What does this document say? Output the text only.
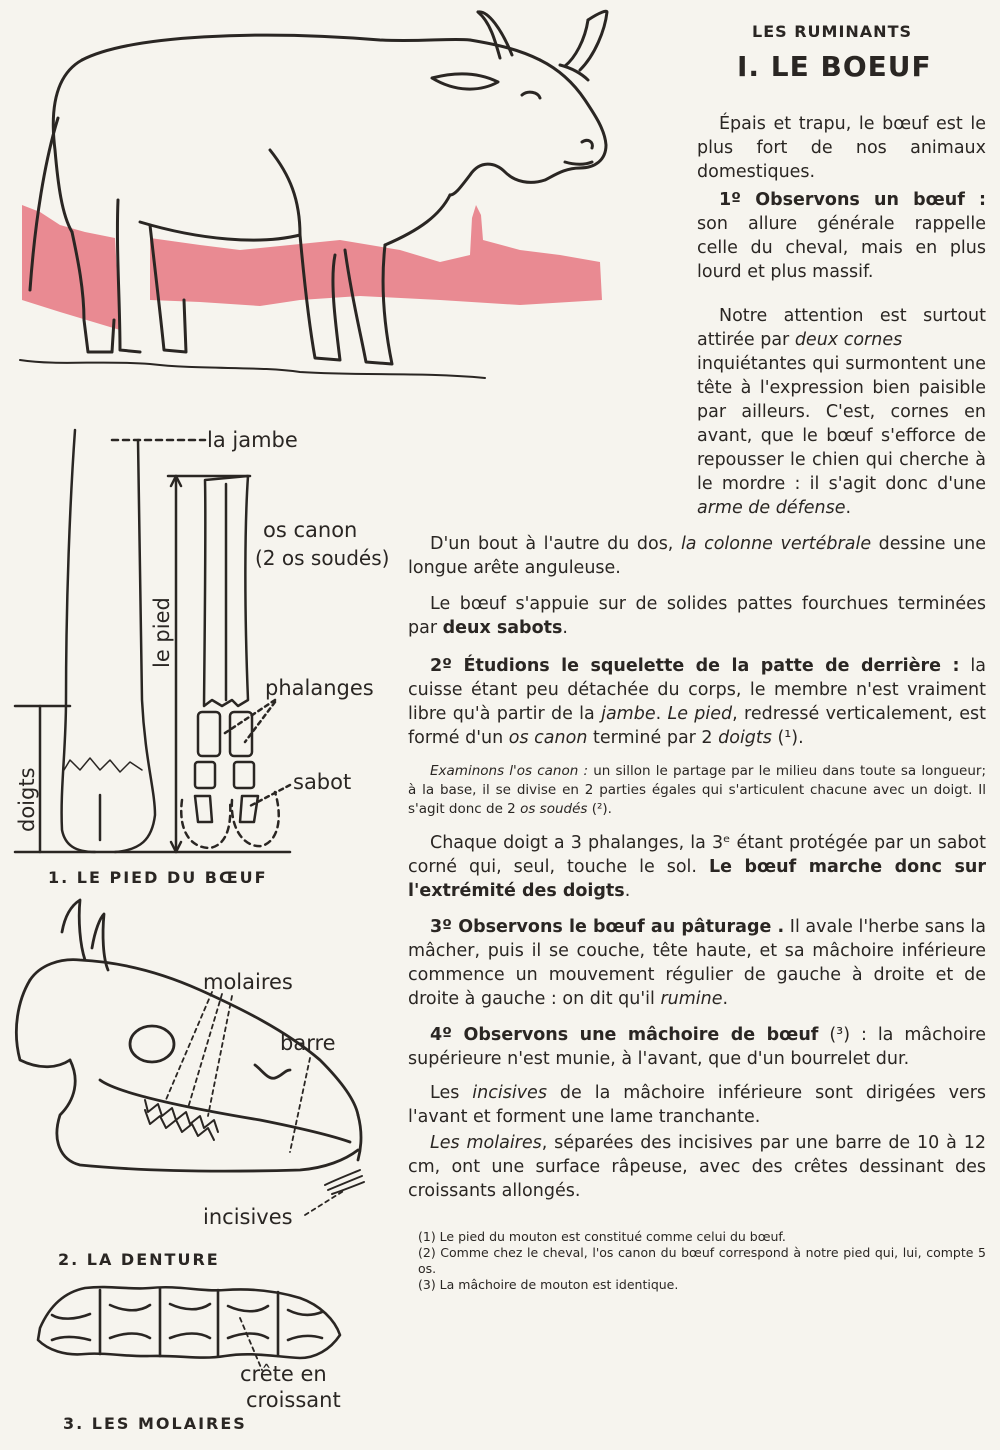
la jambe
os canon
(2 os soudés)
le pied
phalanges
sabot
doigts
1. LE PIED DU BŒUF
molaires
barre
incisives
2. LA DENTURE
crête en
croissant
3. LES MOLAIRES
LES RUMINANTS
I. LE BOEUF

Épais et trapu, le bœuf est le plus fort de nos animaux domestiques.

1º Observons un bœuf : son allure générale rappelle celle du cheval, mais en plus lourd et plus massif.

Notre attention est surtout attirée par deux cornes

inquiétantes qui surmontent une tête à l'expression bien paisible par ailleurs. C'est, cornes en avant, que le bœuf s'efforce de repousser le chien qui cherche à le mordre : il s'agit donc d'une arme de défense.

D'un bout à l'autre du dos, la colonne vertébrale dessine une longue arête anguleuse.

Le bœuf s'appuie sur de solides pattes fourchues terminées par deux sabots.

2º Étudions le squelette de la patte de derrière : la cuisse étant peu détachée du corps, le membre n'est vraiment libre qu'à partir de la jambe. Le pied, redressé verticalement, est formé d'un os canon terminé par 2 doigts (¹).

Examinons l'os canon : un sillon le partage par le milieu dans toute sa longueur; à la base, il se divise en 2 parties égales qui s'articulent chacune avec un doigt. Il s'agit donc de 2 os soudés (²).

Chaque doigt a 3 phalanges, la 3ᵉ étant protégée par un sabot corné qui, seul, touche le sol. Le bœuf marche donc sur l'extrémité des doigts.

3º Observons le bœuf au pâturage . Il avale l'herbe sans la mâcher, puis il se couche, tête haute, et sa mâchoire inférieure commence un mouvement régulier de gauche à droite et de droite à gauche : on dit qu'il rumine.

4º Observons une mâchoire de bœuf (³) : la mâchoire supérieure n'est munie, à l'avant, que d'un bourrelet dur.

Les incisives de la mâchoire inférieure sont dirigées vers l'avant et forment une lame tranchante.

Les molaires, séparées des incisives par une barre de 10 à 12 cm, ont une surface râpeuse, avec des crêtes dessinant des croissants allongés.

(1) Le pied du mouton est constitué comme celui du bœuf.

(2) Comme chez le cheval, l'os canon du bœuf correspond à notre pied qui, lui, compte 5 os.

(3) La mâchoire de mouton est identique.
